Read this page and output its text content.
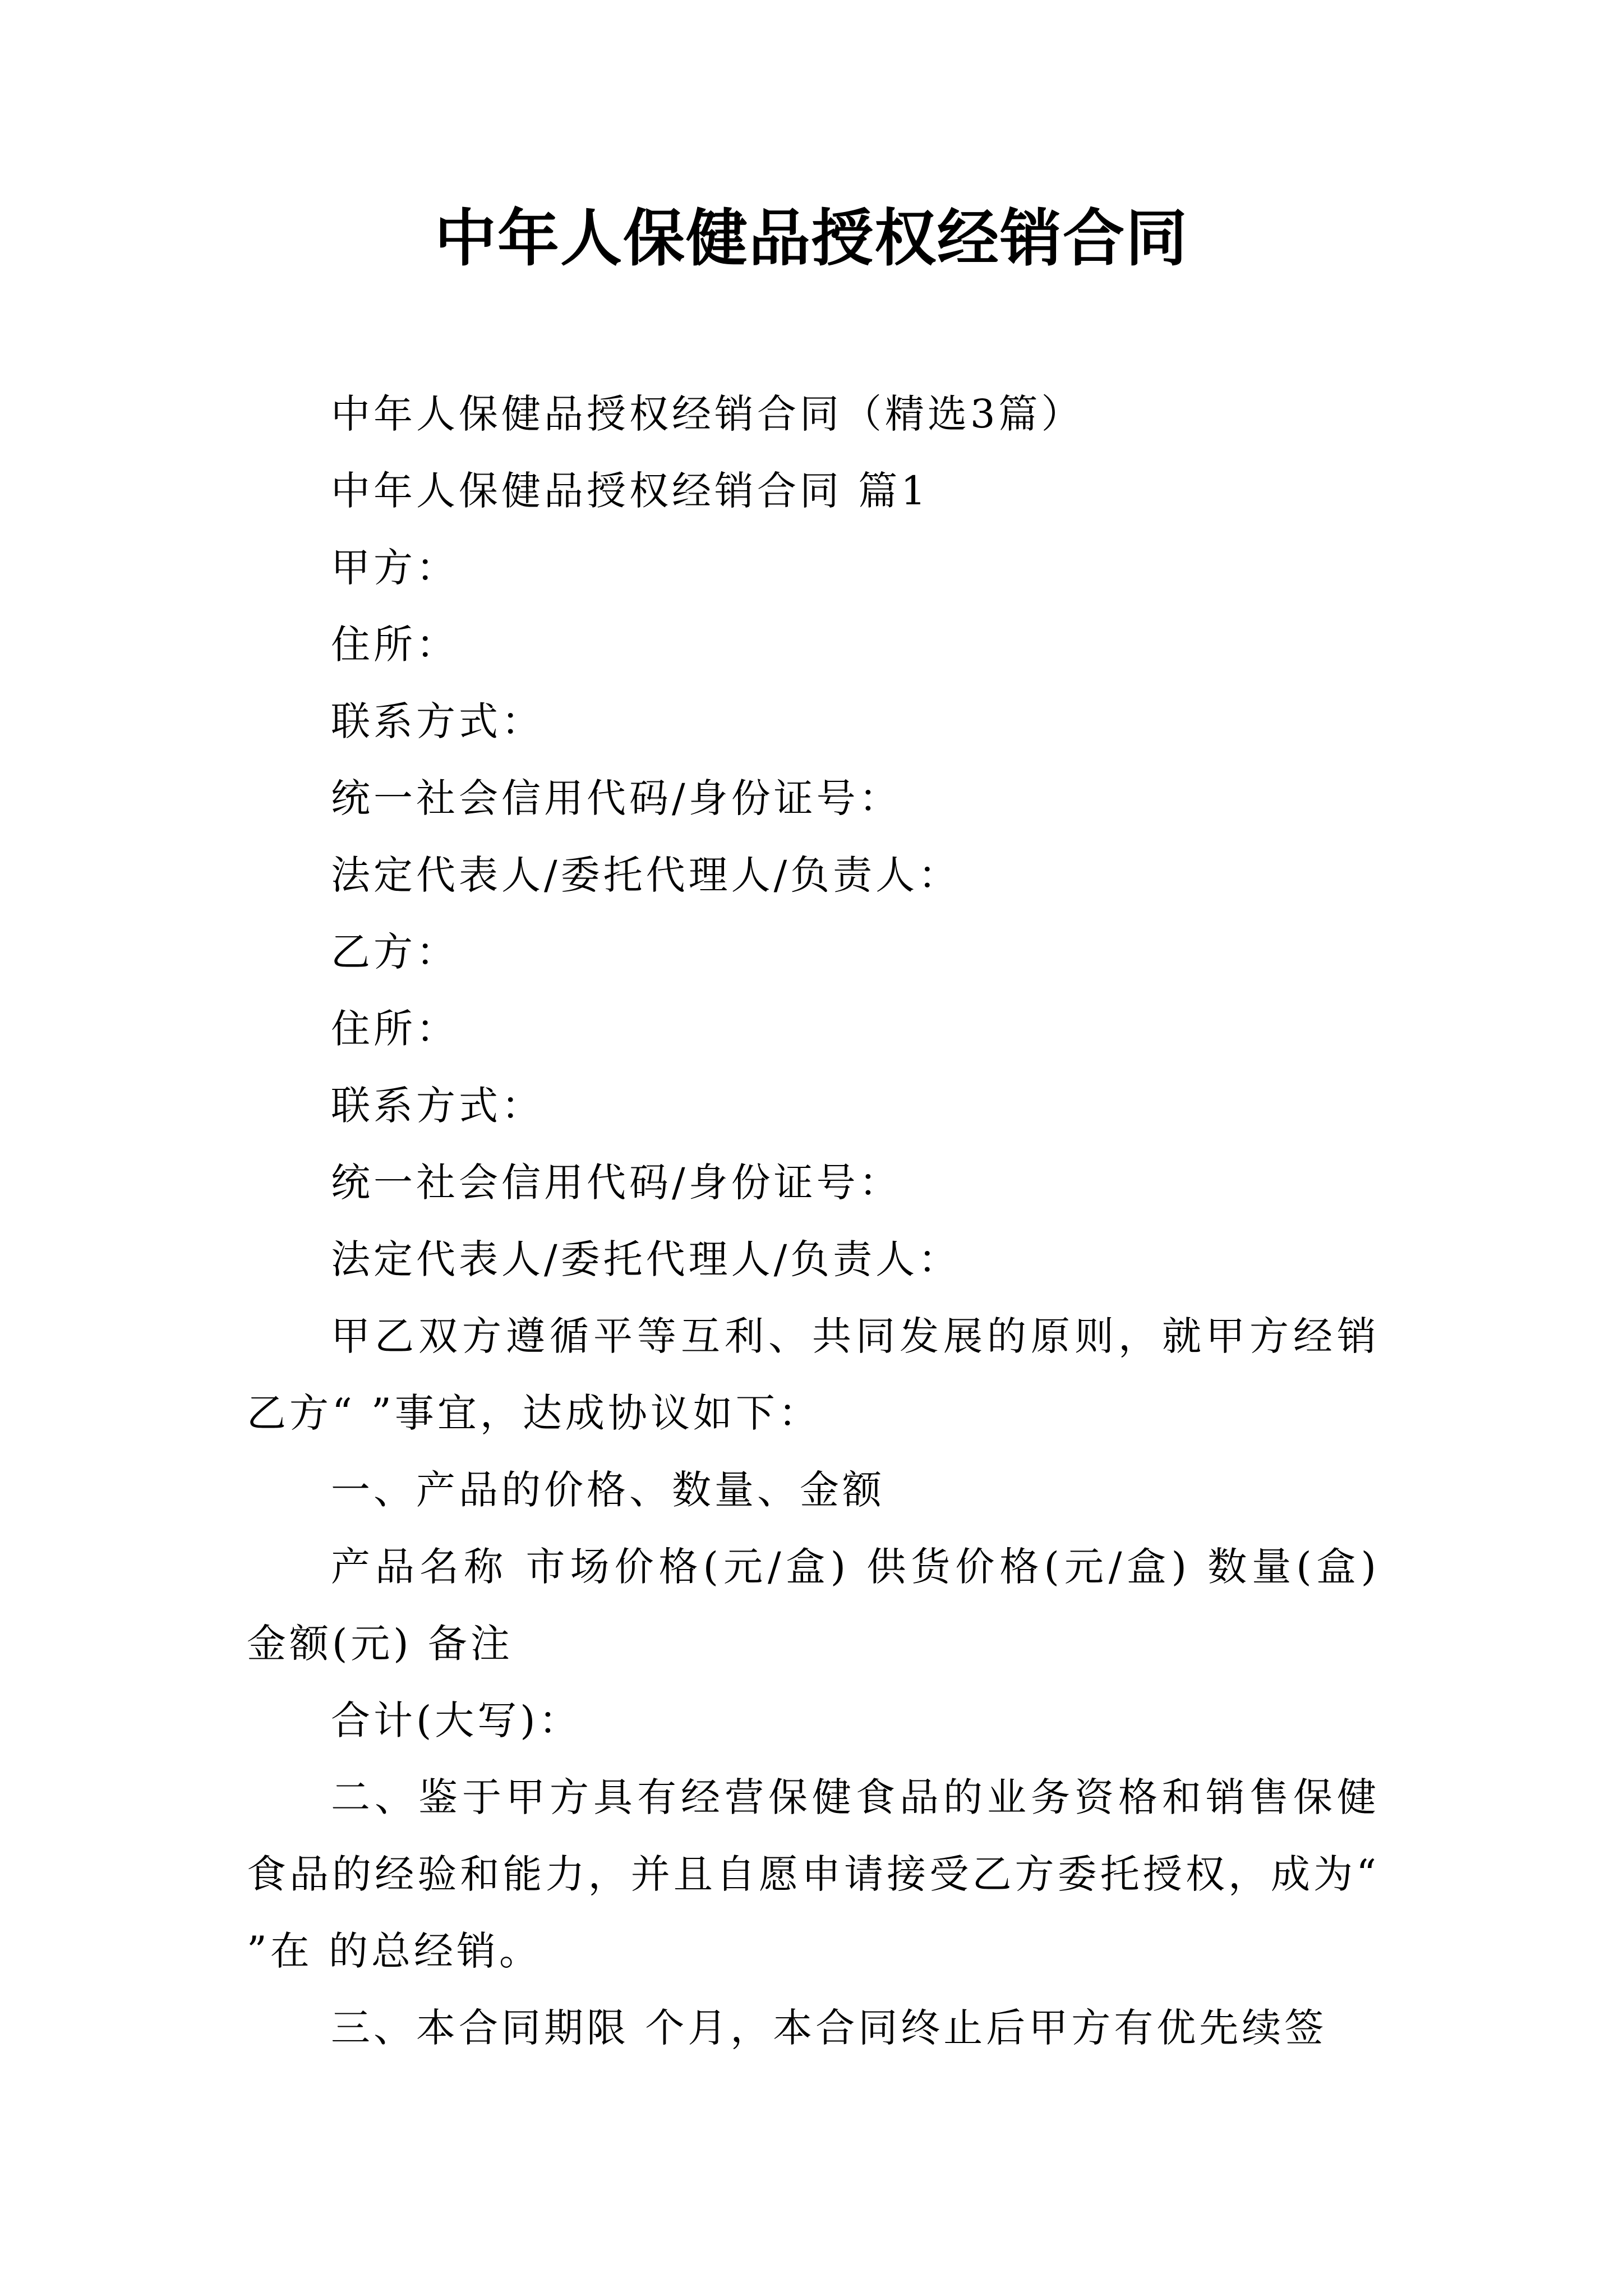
中年人保健品授权经销合同

中年人保健品授权经销合同（精选3篇）

中年人保健品授权经销合同 篇1

甲方：

住所：

联系方式：

统一社会信用代码/身份证号：

法定代表人/委托代理人/负责人：

乙方：

住所：

联系方式：

统一社会信用代码/身份证号：

法定代表人/委托代理人/负责人：

甲乙双方遵循平等互利、共同发展的原则，就甲方经销乙方“ ”事宜，达成协议如下：

一、产品的价格、数量、金额

产品名称 市场价格(元/盒) 供货价格(元/盒) 数量(盒) 金额(元) 备注

合计(大写)：

二、鉴于甲方具有经营保健食品的业务资格和销售保健食品的经验和能力，并且自愿申请接受乙方委托授权，成为“ ”在 的总经销。

三、本合同期限 个月，本合同终止后甲方有优先续签
